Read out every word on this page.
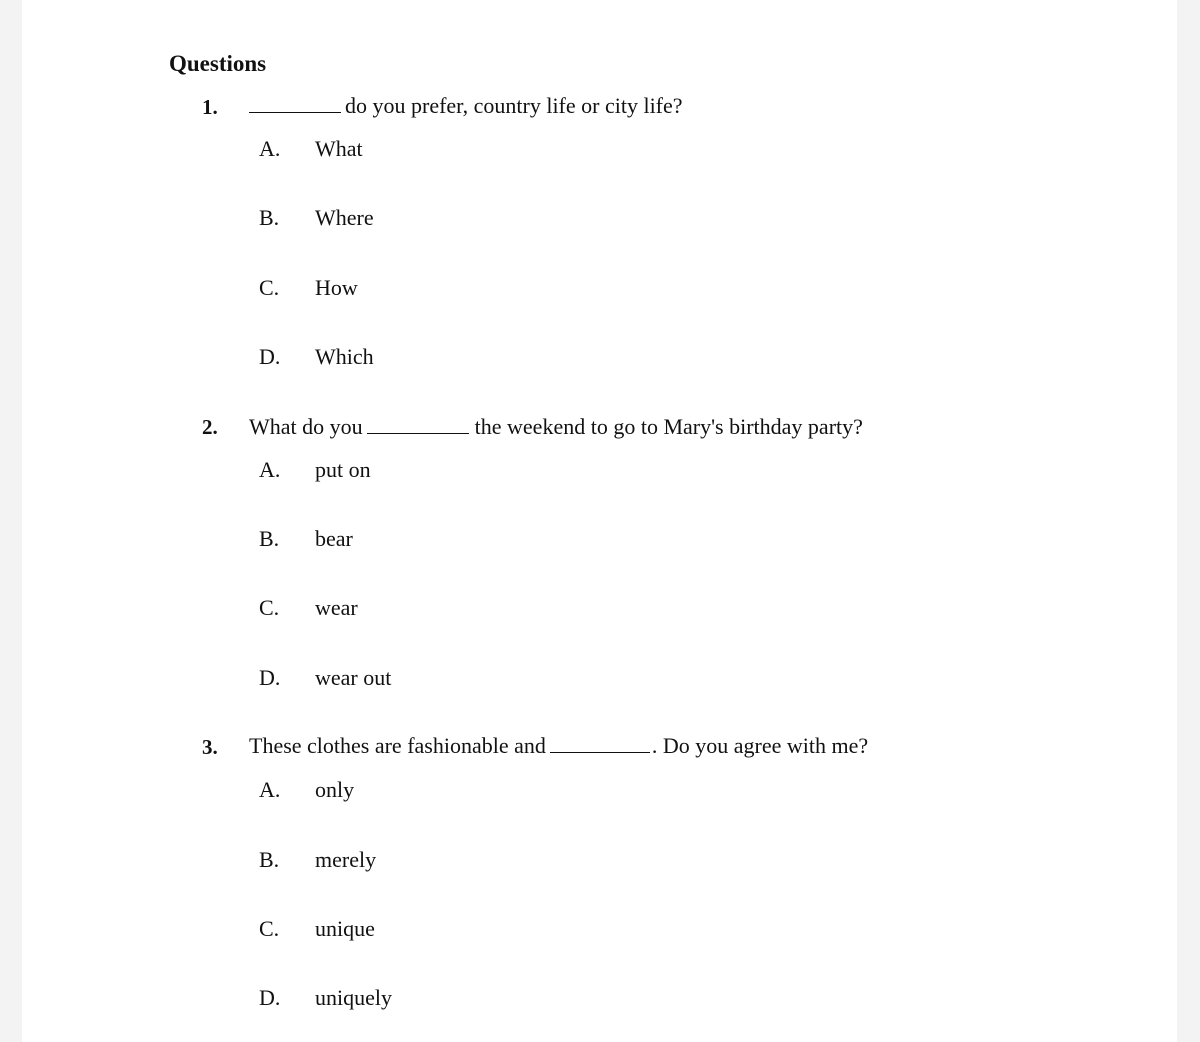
Questions
1.	do you prefer, country life or city life?
A. What
B. Where
C. How
D. Which
2. What do you	the weekend to go to Mary's birthday party?
A. put on
B. bear
C. wear
D. wear out
3. These clothes are fashionable and	. Do you agree with me?
A. only
B. merely
C. unique
D. uniquely
